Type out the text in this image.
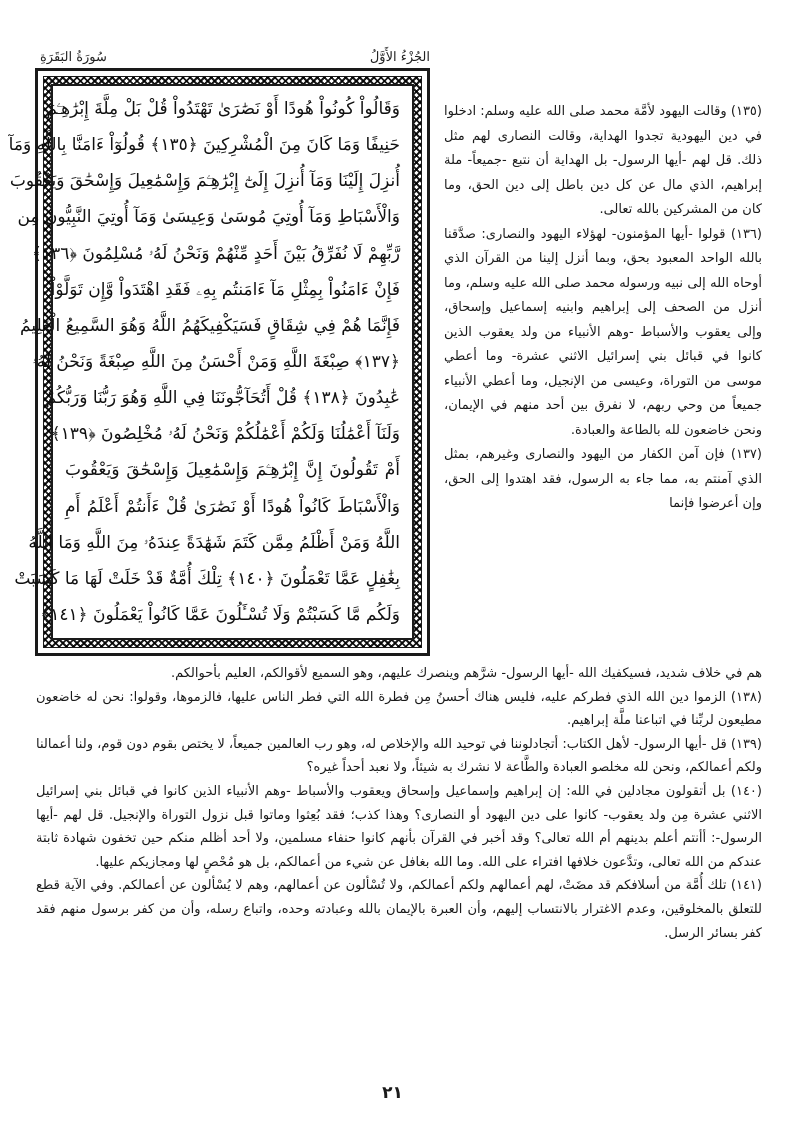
سُورَةُ البَقَرَةِ	الجُزْءُ الأَوَّلُ
وَقَالُواْ كُونُواْ هُودًا أَوْ نَصَٰرَىٰ تَهْتَدُواْ قُلْ بَلْ مِلَّةَ إِبْرَٰهِـۧمَ
حَنِيفًا وَمَا كَانَ مِنَ الْمُشْرِكِينَ ﴿١٣٥﴾ قُولُوٓاْ ءَامَنَّا بِاللَّهِ وَمَآ
أُنزِلَ إِلَيْنَا وَمَآ أُنزِلَ إِلَىٰٓ إِبْرَٰهِـۧمَ وَإِسْمَٰعِيلَ وَإِسْحَٰقَ وَيَعْقُوبَ
وَالْأَسْبَاطِ وَمَآ أُوتِيَ مُوسَىٰ وَعِيسَىٰ وَمَآ أُوتِيَ النَّبِيُّونَ مِن
رَّبِّهِمْ لَا نُفَرِّقُ بَيْنَ أَحَدٍ مِّنْهُمْ وَنَحْنُ لَهُۥ مُسْلِمُونَ ﴿١٣٦﴾
فَإِنْ ءَامَنُواْ بِمِثْلِ مَآ ءَامَنتُم بِهِۦ فَقَدِ اهْتَدَواْ وَّإِن تَوَلَّوْاْ
فَإِنَّمَا هُمْ فِي شِقَاقٍ فَسَيَكْفِيكَهُمُ اللَّهُ وَهُوَ السَّمِيعُ الْعَلِيمُ
﴿١٣٧﴾ صِبْغَةَ اللَّهِ وَمَنْ أَحْسَنُ مِنَ اللَّهِ صِبْغَةً وَنَحْنُ لَهُۥ
عَٰبِدُونَ ﴿١٣٨﴾ قُلْ أَتُحَآجُّونَنَا فِي اللَّهِ وَهُوَ رَبُّنَا وَرَبُّكُمْ
وَلَنَآ أَعْمَٰلُنَا وَلَكُمْ أَعْمَٰلُكُمْ وَنَحْنُ لَهُۥ مُخْلِصُونَ ﴿١٣٩﴾
أَمْ تَقُولُونَ إِنَّ إِبْرَٰهِـۧمَ وَإِسْمَٰعِيلَ وَإِسْحَٰقَ وَيَعْقُوبَ
وَالْأَسْبَاطَ كَانُواْ هُودًا أَوْ نَصَٰرَىٰ قُلْ ءَأَنتُمْ أَعْلَمُ أَمِ
اللَّهُ وَمَنْ أَظْلَمُ مِمَّن كَتَمَ شَهَٰدَةً عِندَهُۥ مِنَ اللَّهِ وَمَا اللَّهُ
بِغَٰفِلٍ عَمَّا تَعْمَلُونَ ﴿١٤٠﴾ تِلْكَ أُمَّةٌ قَدْ خَلَتْ لَهَا مَا كَسَبَتْ
وَلَكُم مَّا كَسَبْتُمْ وَلَا تُسْـَٔلُونَ عَمَّا كَانُواْ يَعْمَلُونَ ﴿١٤١﴾

(١٣٥) وقالت اليهود لأمَّة محمد صلى الله عليه وسلم: ادخلوا في دين اليهودية تجدوا الهداية، وقالت النصارى لهم مثل ذلك. قل لهم -أيها الرسول- بل الهداية أن نتبع -جميعاً- ملة إبراهيم، الذي مال عن كل دين باطل إلى دين الحق، وما كان من المشركين بالله تعالى.

(١٣٦) قولوا -أيها المؤمنون- لهؤلاء اليهود والنصارى: صدَّقنا بالله الواحد المعبود بحق، وبما أنزل إلينا من القرآن الذي أوحاه الله إلى نبيه ورسوله محمد صلى الله عليه وسلم، وما أنزل من الصحف إلى إبراهيم وابنيه إسماعيل وإسحاق، وإلى يعقوب والأسباط -وهم الأنبياء من ولد يعقوب الذين كانوا في قبائل بني إسرائيل الاثني عشرة- وما أعطي موسى من التوراة، وعيسى من الإنجيل، وما أعطي الأنبياء جميعاً من وحي ربهم، لا نفرق بين أحد منهم في الإيمان، ونحن خاضعون لله بالطاعة والعبادة.

(١٣٧) فإن آمن الكفار من اليهود والنصارى وغيرهم، بمثل الذي آمنتم به، مما جاء به الرسول، فقد اهتدوا إلى الحق، وإن أعرضوا فإنما

هم في خلاف شديد، فسيكفيك الله -أيها الرسول- شرَّهم وينصرك عليهم، وهو السميع لأقوالكم، العليم بأحوالكم.

(١٣٨) الزموا دين الله الذي فطركم عليه، فليس هناك أحسنُ مِن فطرة الله التي فطر الناس عليها، فالزموها، وقولوا: نحن له خاضعون مطيعون لربِّنا في اتباعنا ملَّة إبراهيم.

(١٣٩) قل -أيها الرسول- لأهل الكتاب: أتجادلوننا في توحيد الله والإخلاص له، وهو رب العالمين جميعاً، لا يختص بقوم دون قوم، ولنا أعمالنا ولكم أعمالكم، ونحن لله مخلصو العبادة والطَّاعة لا نشرك به شيئاً، ولا نعبد أحداً غيره؟

(١٤٠) بل أتقولون مجادلين في الله: إن إبراهيم وإسماعيل وإسحاق ويعقوب والأسباط -وهم الأنبياء الذين كانوا في قبائل بني إسرائيل الاثني عشرة مِن ولد يعقوب- كانوا على دين اليهود أو النصارى؟ وهذا كذب؛ فقد بُعِثوا وماتوا قبل نزول التوراة والإنجيل. قل لهم -أيها الرسول-: أأنتم أعلم بدينهم أم الله تعالى؟ وقد أخبر في القرآن بأنهم كانوا حنفاء مسلمين، ولا أحد أظلم منكم حين تخفون شهادة ثابتة عندكم من الله تعالى، وتدَّعون خلافها افتراء على الله. وما الله بغافل عن شيء من أعمالكم، بل هو مُحْصٍ لها ومجازيكم عليها.

(١٤١) تلك أُمَّة من أسلافكم قد مضَتْ، لهم أعمالهم ولكم أعمالكم، ولا تُسْألون عن أعمالهم، وهم لا يُسْألون عن أعمالكم. وفي الآية قطع للتعلق بالمخلوقين، وعدم الاغترار بالانتساب إليهم، وأن العبرة بالإيمان بالله وعبادته وحده، واتباع رسله، وأن من كفر برسول منهم فقد كفر بسائر الرسل.

٢١
